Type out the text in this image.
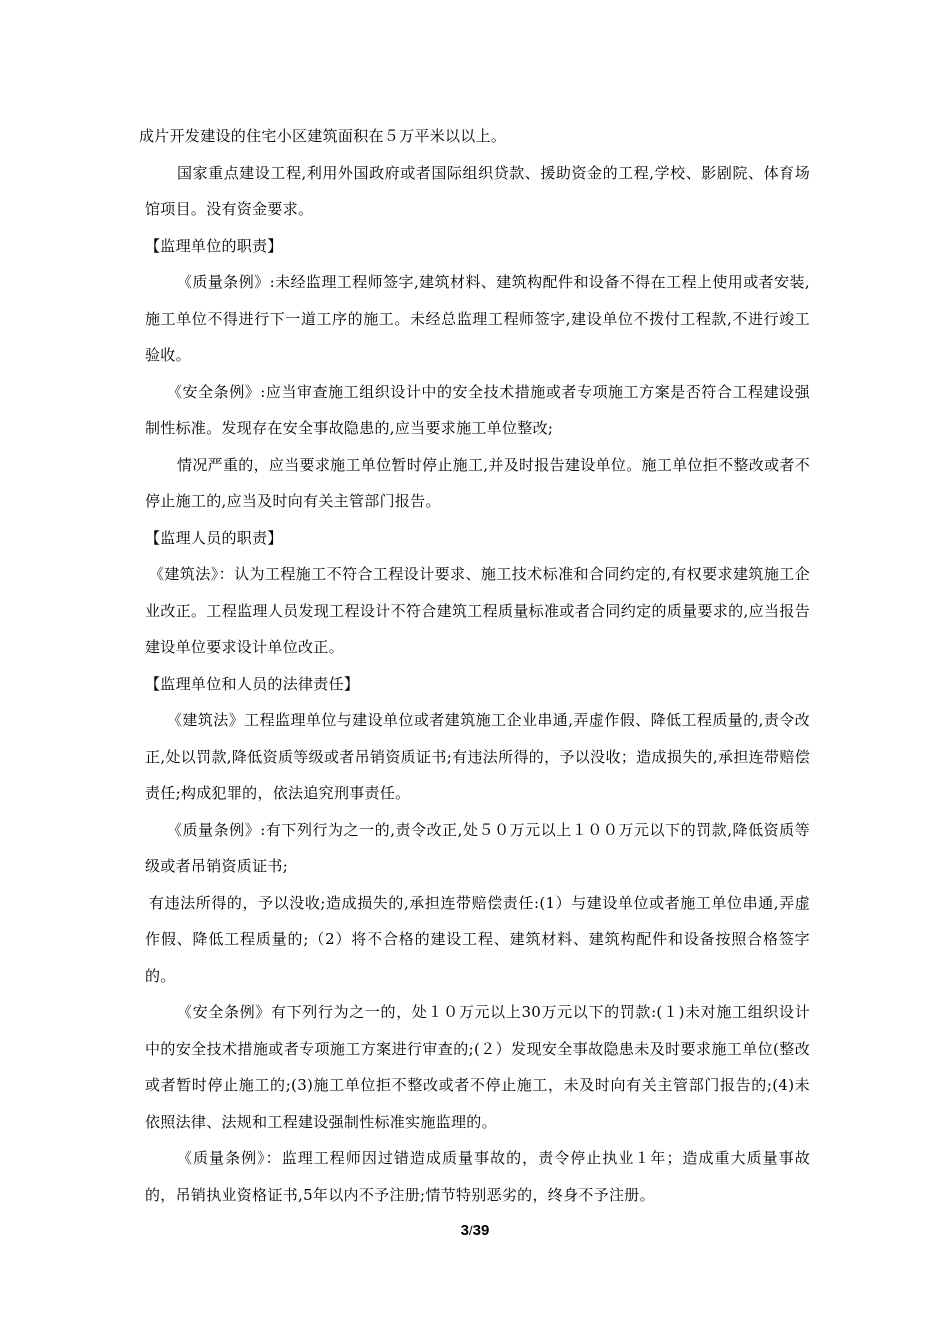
成片开发建设的住宅小区建筑面积在５万平米以以上。

国家重点建设工程,利用外国政府或者国际组织贷款、援助资金的工程,学校、影剧院、体育场馆项目。没有资金要求。

【监理单位的职责】

《质量条例》:未经监理工程师签字,建筑材料、建筑构配件和设备不得在工程上使用或者安装,施工单位不得进行下一道工序的施工。未经总监理工程师签字,建设单位不拨付工程款,不进行竣工验收。

《安全条例》:应当审查施工组织设计中的安全技术措施或者专项施工方案是否符合工程建设强制性标准。发现存在安全事故隐患的,应当要求施工单位整改;

情况严重的，应当要求施工单位暂时停止施工,并及时报告建设单位。施工单位拒不整改或者不停止施工的,应当及时向有关主管部门报告。

【监理人员的职责】

《建筑法》：认为工程施工不符合工程设计要求、施工技术标准和合同约定的,有权要求建筑施工企业改正。工程监理人员发现工程设计不符合建筑工程质量标准或者合同约定的质量要求的,应当报告建设单位要求设计单位改正。

【监理单位和人员的法律责任】

《建筑法》工程监理单位与建设单位或者建筑施工企业串通,弄虚作假、降低工程质量的,责令改正,处以罚款,降低资质等级或者吊销资质证书;有违法所得的，予以没收；造成损失的,承担连带赔偿责任;构成犯罪的，依法追究刑事责任。

《质量条例》:有下列行为之一的,责令改正,处５０万元以上１００万元以下的罚款,降低资质等级或者吊销资质证书;

有违法所得的，予以没收;造成损失的,承担连带赔偿责任:(1）与建设单位或者施工单位串通,弄虚作假、降低工程质量的;（2）将不合格的建设工程、建筑材料、建筑构配件和设备按照合格签字的。

《安全条例》有下列行为之一的，处１０万元以上30万元以下的罚款:(１)未对施工组织设计中的安全技术措施或者专项施工方案进行审查的;(２）发现安全事故隐患未及时要求施工单位(整改或者暂时停止施工的;(3)施工单位拒不整改或者不停止施工，未及时向有关主管部门报告的;(4)未依照法律、法规和工程建设强制性标准实施监理的。

《质量条例》：监理工程师因过错造成质量事故的，责令停止执业１年；造成重大质量事故的，吊销执业资格证书,5年以内不予注册;情节特别恶劣的，终身不予注册。

3/39
